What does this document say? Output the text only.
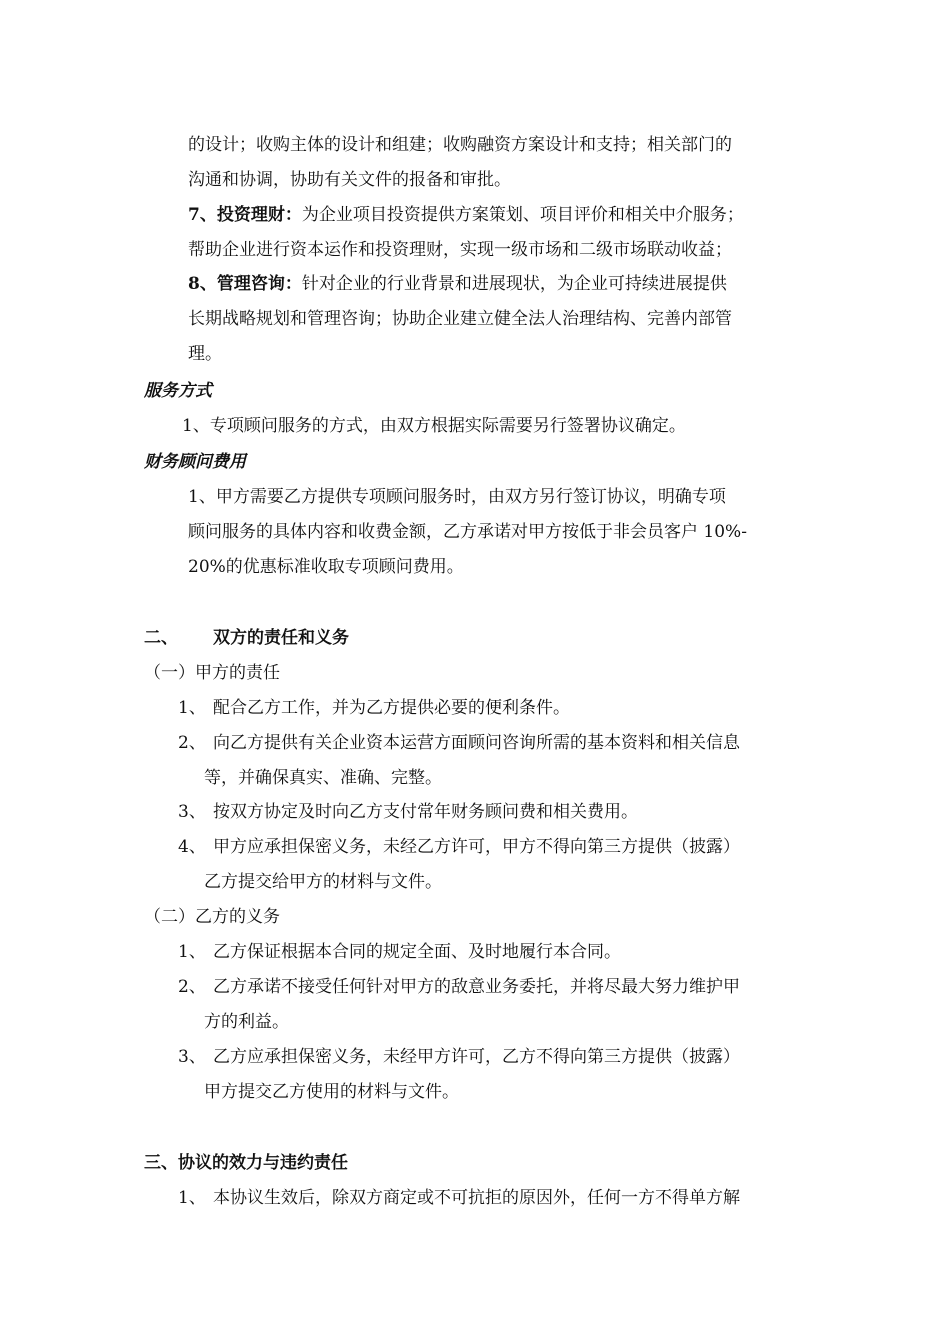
的设计；收购主体的设计和组建；收购融资方案设计和支持；相关部门的
沟通和协调，协助有关文件的报备和审批。
7、投资理财：为企业项目投资提供方案策划、项目评价和相关中介服务；
帮助企业进行资本运作和投资理财，实现一级市场和二级市场联动收益；
8、管理咨询：针对企业的行业背景和进展现状，为企业可持续进展提供
长期战略规划和管理咨询；协助企业建立健全法人治理结构、完善内部管
理。
服务方式
1、专项顾问服务的方式，由双方根据实际需要另行签署协议确定。
财务顾问费用
1、甲方需要乙方提供专项顾问服务时，由双方另行签订协议，明确专项
顾问服务的具体内容和收费金额，乙方承诺对甲方按低于非会员客户 10%-
20%的优惠标准收取专项顾问费用。
二、 双方的责任和义务
（一）甲方的责任
1、 配合乙方工作，并为乙方提供必要的便利条件。
2、 向乙方提供有关企业资本运营方面顾问咨询所需的基本资料和相关信息
等，并确保真实、准确、完整。
3、 按双方协定及时向乙方支付常年财务顾问费和相关费用。
4、 甲方应承担保密义务，未经乙方许可，甲方不得向第三方提供（披露）
乙方提交给甲方的材料与文件。
（二）乙方的义务
1、 乙方保证根据本合同的规定全面、及时地履行本合同。
2、 乙方承诺不接受任何针对甲方的敌意业务委托，并将尽最大努力维护甲
方的利益。
3、 乙方应承担保密义务，未经甲方许可，乙方不得向第三方提供（披露）
甲方提交乙方使用的材料与文件。
三、协议的效力与违约责任
1、 本协议生效后，除双方商定或不可抗拒的原因外，任何一方不得单方解
